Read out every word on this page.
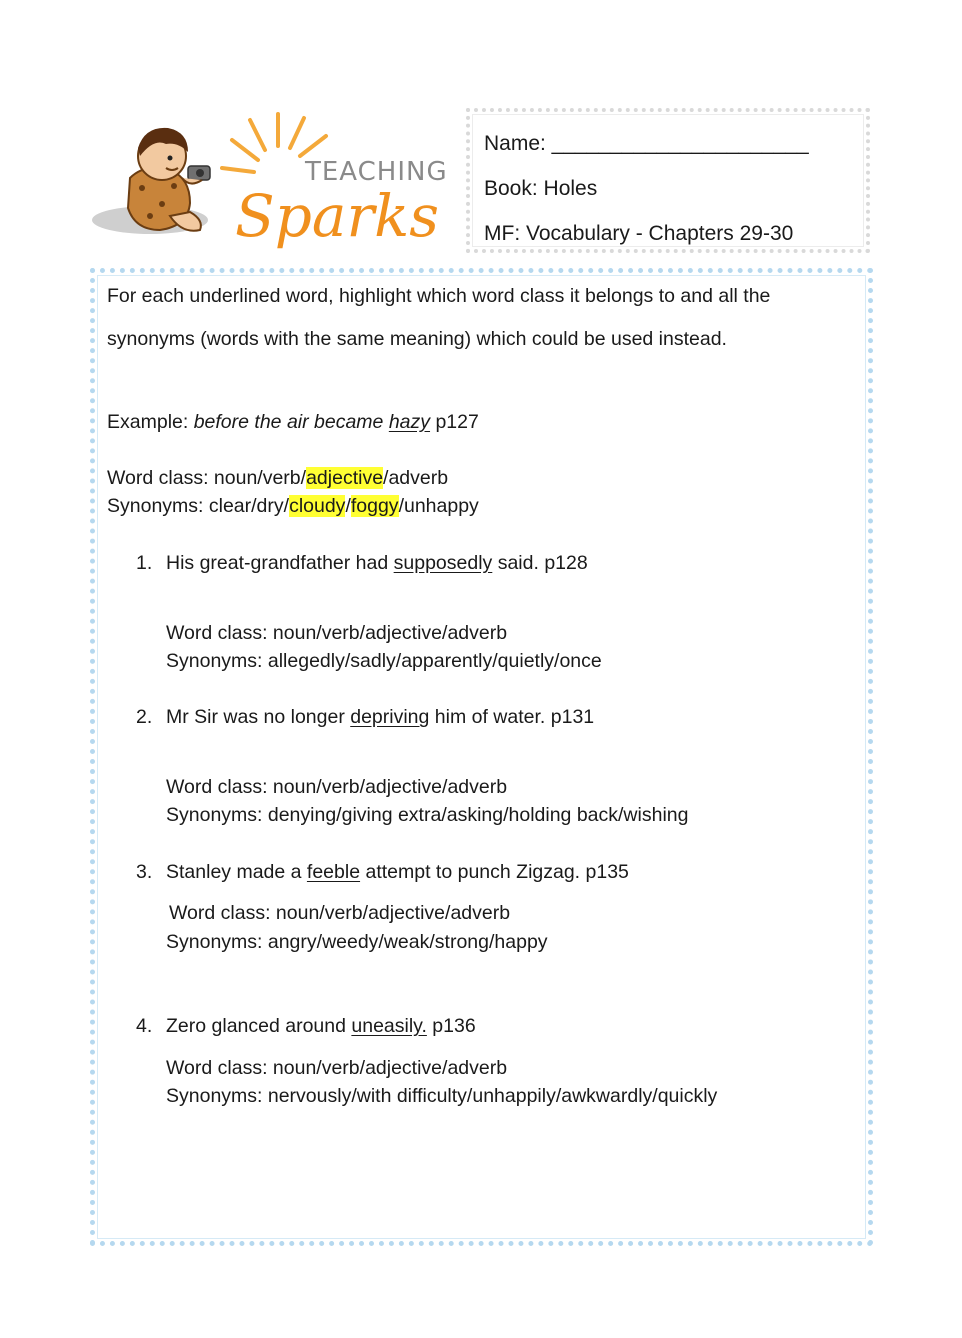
TEACHING
Sparks
Name: ______________________
Book: Holes
MF: Vocabulary - Chapters 29-30
For each underlined word, highlight which word class it belongs to and all the
synonyms (words with the same meaning) which could be used instead.
Example: before the air became hazy p127
Word class: noun/verb/adjective/adverb
Synonyms: clear/dry/cloudy/foggy/unhappy
1. His great-grandfather had supposedly said. p128
Word class: noun/verb/adjective/adverb
Synonyms: allegedly/sadly/apparently/quietly/once
2. Mr Sir was no longer depriving him of water. p131
Word class: noun/verb/adjective/adverb
Synonyms: denying/giving extra/asking/holding back/wishing
3. Stanley made a feeble attempt to punch Zigzag. p135
Word class: noun/verb/adjective/adverb
Synonyms: angry/weedy/weak/strong/happy
4. Zero glanced around uneasily. p136
Word class: noun/verb/adjective/adverb
Synonyms: nervously/with difficulty/unhappily/awkwardly/quickly
